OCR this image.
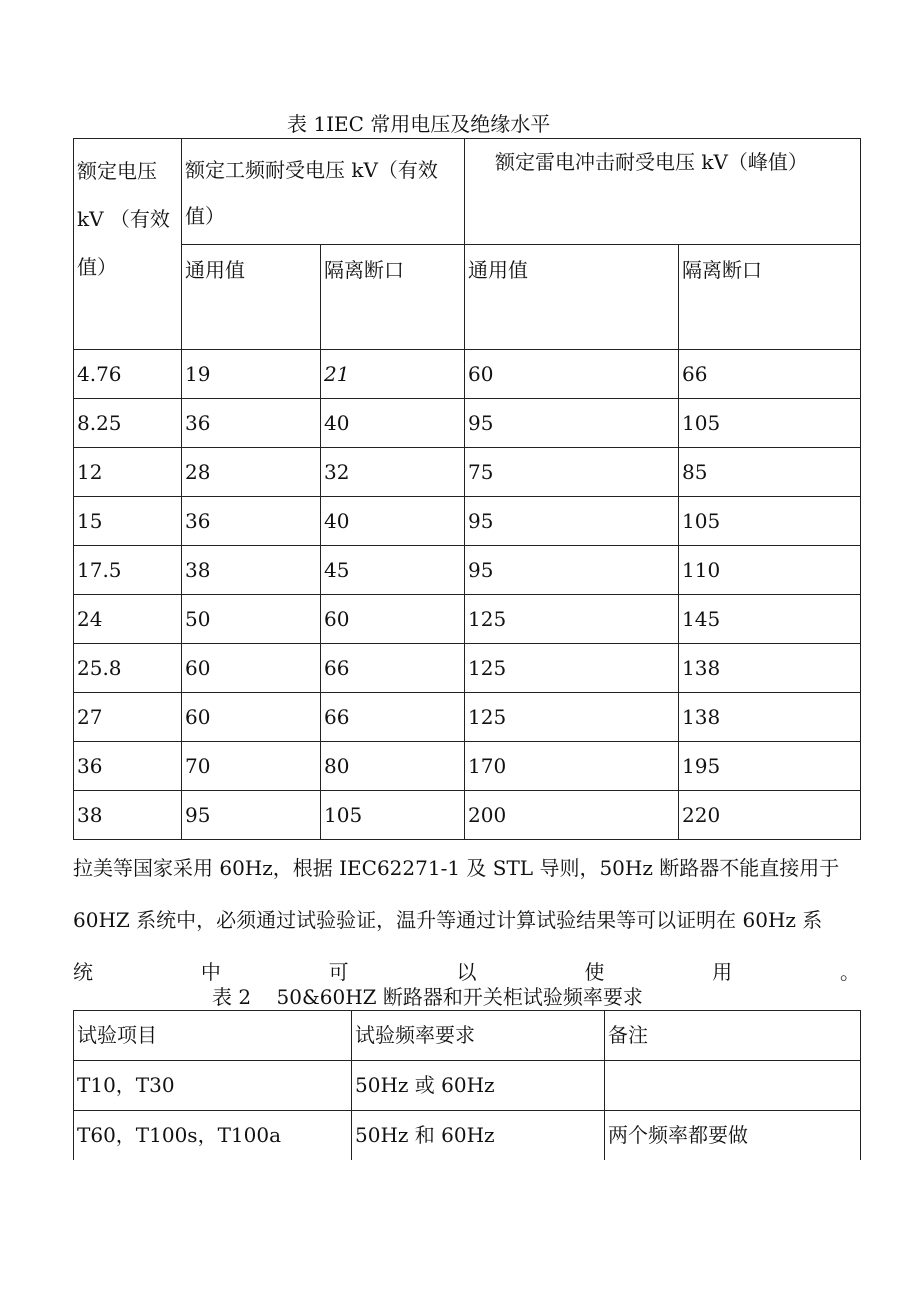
表 1IEC 常用电压及绝缘水平
额定电压 kV （有效值）	额定工频耐受电压 kV（有效值）		额定雷电冲击耐受电压 kV（峰值）	
	通用值	隔离断口	通用值	隔离断口
4.76	19	21	60	66
8.25	36	40	95	105
12	28	32	75	85
15	36	40	95	105
17.5	38	45	95	110
24	50	60	125	145
25.8	60	66	125	138
27	60	66	125	138
36	70	80	170	195
38	95	105	200	220
拉美等国家采用 60Hz，根据 IEC62271-1 及 STL 导则，50Hz 断路器不能直接用于
60HZ 系统中，必须通过试验验证，温升等通过计算试验结果等可以证明在 60Hz 系
统	中	可	以	使	用	。
表 2    50&60HZ 断路器和开关柜试验频率要求
试验项目	试验频率要求	备注
T10，T30	50Hz 或 60Hz	
T60，T100s，T100a	50Hz 和 60Hz	两个频率都要做
